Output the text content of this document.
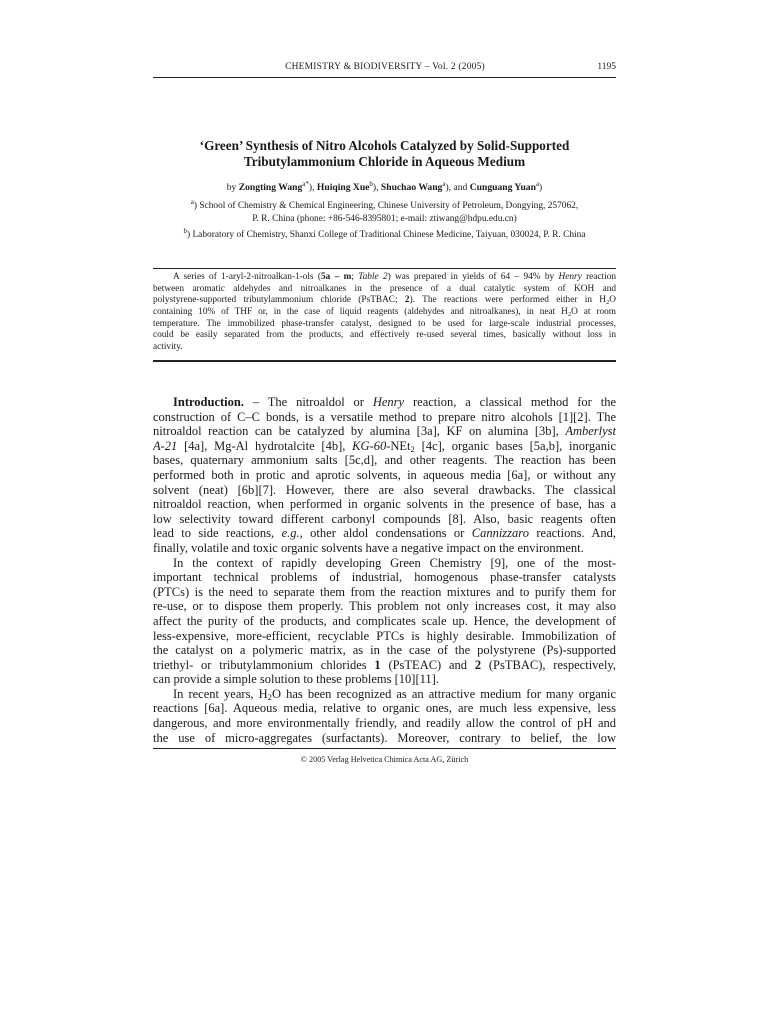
CHEMISTRY & BIODIVERSITY – Vol. 2 (2005)	1195
‘Green’ Synthesis of Nitro Alcohols Catalyzed by Solid-Supported
Tributylammonium Chloride in Aqueous Medium
by Zongting Wang$^{a*}$), Huiqing Xue$^b$), Shuchao Wang$^a$), and Cunguang Yuan$^a$)
$^a$) School of Chemistry & Chemical Engineering, Chinese University of Petroleum, Dongying, 257062,
P. R. China (phone: +86-546-8395801; e-mail: ztiwang@hdpu.edu.cn)
$^b$) Laboratory of Chemistry, Shanxi College of Traditional Chinese Medicine, Taiyuan, 030024, P. R. China
A series of 1-aryl-2-nitroalkan-1-ols (5a – m; Table 2) was prepared in yields of 64 – 94% by Henry reaction
between aromatic aldehydes and nitroalkanes in the presence of a dual catalytic system of KOH and
polystyrene-supported tributylammonium chloride (PsTBAC; 2). The reactions were performed either in $H_2O$
containing 10% of THF or, in the case of liquid reagents (aldehydes and nitroalkanes), in neat $H_2O$ at room
temperature. The immobilized phase-transfer catalyst, designed to be used for large-scale industrial processes,
could be easily separated from the products, and effectively re-used several times, basically without loss in
activity.
Introduction. – The nitroaldol or Henry reaction, a classical method for the
construction of C–C bonds, is a versatile method to prepare nitro alcohols [1][2]. The
nitroaldol reaction can be catalyzed by alumina [3a], KF on alumina [3b], Amberlyst
A-21 [4a], Mg-Al hydrotalcite [4b], KG-60-NEt$_2$ [4c], organic bases [5a,b], inorganic
bases, quaternary ammonium salts [5c,d], and other reagents. The reaction has been
performed both in protic and aprotic solvents, in aqueous media [6a], or without any
solvent (neat) [6b][7]. However, there are also several drawbacks. The classical
nitroaldol reaction, when performed in organic solvents in the presence of base, has a
low selectivity toward different carbonyl compounds [8]. Also, basic reagents often
lead to side reactions, e.g., other aldol condensations or Cannizzaro reactions. And,
finally, volatile and toxic organic solvents have a negative impact on the environment.
In the context of rapidly developing Green Chemistry [9], one of the most-
important technical problems of industrial, homogenous phase-transfer catalysts
(PTCs) is the need to separate them from the reaction mixtures and to purify them for
re-use, or to dispose them properly. This problem not only increases cost, it may also
affect the purity of the products, and complicates scale up. Hence, the development of
less-expensive, more-efficient, recyclable PTCs is highly desirable. Immobilization of
the catalyst on a polymeric matrix, as in the case of the polystyrene (Ps)-supported
triethyl- or tributylammonium chlorides 1 (PsTEAC) and 2 (PsTBAC), respectively,
can provide a simple solution to these problems [10][11].
In recent years, $H_2O$ has been recognized as an attractive medium for many organic
reactions [6a]. Aqueous media, relative to organic ones, are much less expensive, less
dangerous, and more environmentally friendly, and readily allow the control of pH and
the use of micro-aggregates (surfactants). Moreover, contrary to belief, the low
© 2005 Verlag Helvetica Chimica Acta AG, Zürich
